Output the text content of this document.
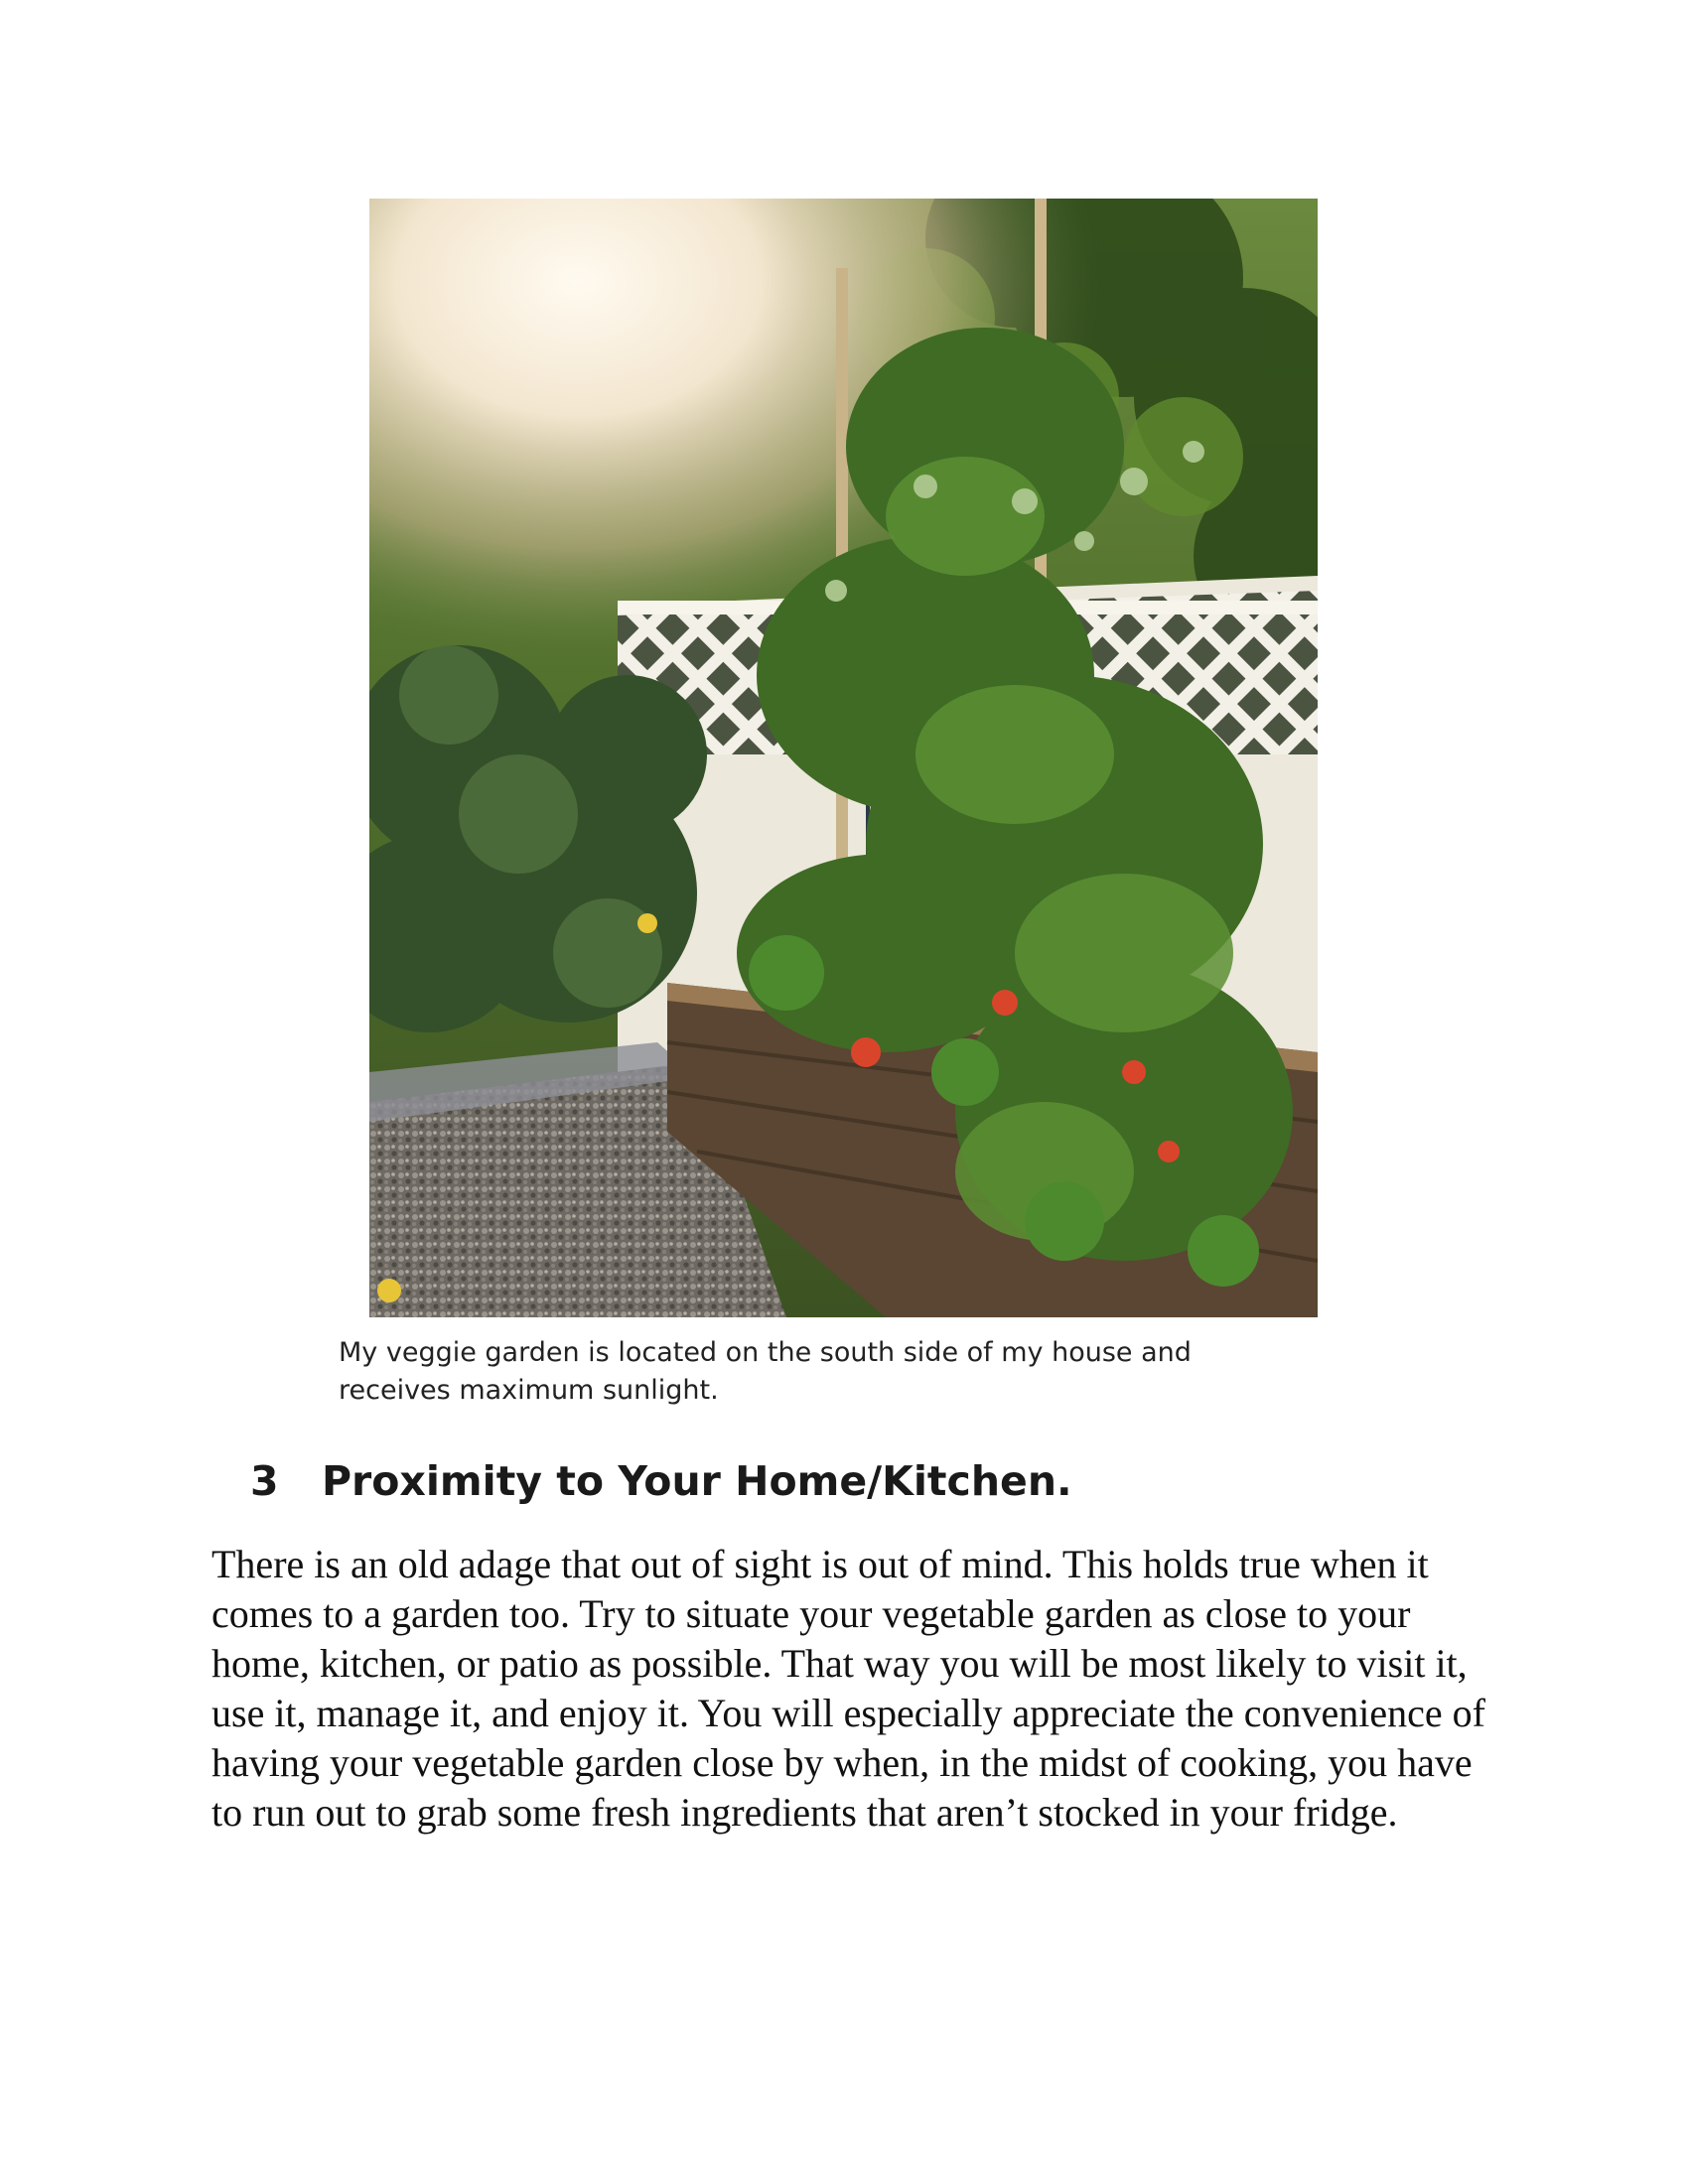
My veggie garden is located on the south side of my house and receives maximum sunlight.

3 Proximity to Your Home/Kitchen.

There is an old adage that out of sight is out of mind. This holds true when it comes to a garden too. Try to situate your vegetable garden as close to your home, kitchen, or patio as possible. That way you will be most likely to visit it, use it, manage it, and enjoy it. You will especially appreciate the convenience of having your vegetable garden close by when, in the midst of cooking, you have to run out to grab some fresh ingredients that aren’t stocked in your fridge.
